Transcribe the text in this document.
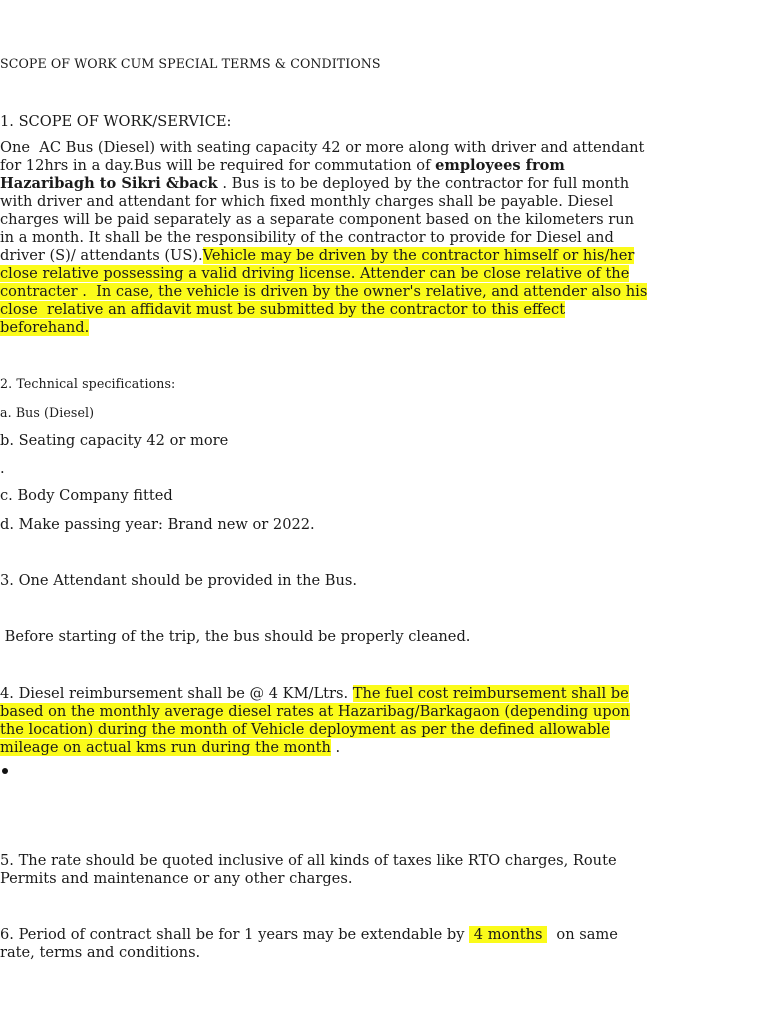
SCOPE OF WORK CUM SPECIAL TERMS & CONDITIONS
1. SCOPE OF WORK/SERVICE:
One  AC Bus (Diesel) with seating capacity 42 or more along with driver and attendant
for 12hrs in a day.Bus will be required for commutation of employees from
Hazaribagh to Sikri &back . Bus is to be deployed by the contractor for full month
with driver and attendant for which fixed monthly charges shall be payable. Diesel
charges will be paid separately as a separate component based on the kilometers run
in a month. It shall be the responsibility of the contractor to provide for Diesel and
driver (S)/ attendants (US).Vehicle may be driven by the contractor himself or his/her
close relative possessing a valid driving license. Attender can be close relative of the
contracter .  In case, the vehicle is driven by the owner's relative, and attender also his
close  relative an affidavit must be submitted by the contractor to this effect
beforehand.
2. Technical specifications:
a. Bus (Diesel)
b. Seating capacity 42 or more
.
c. Body Company fitted
d. Make passing year: Brand new or 2022.
3. One Attendant should be provided in the Bus.
Before starting of the trip, the bus should be properly cleaned.
4. Diesel reimbursement shall be @ 4 KM/Ltrs. The fuel cost reimbursement shall be
based on the monthly average diesel rates at Hazaribag/Barkagaon (depending upon
the location) during the month of Vehicle deployment as per the defined allowable
mileage on actual kms run during the month .
5. The rate should be quoted inclusive of all kinds of taxes like RTO charges, Route
Permits and maintenance or any other charges.
6. Period of contract shall be for 1 years may be extendable by  4 months   on same
rate, terms and conditions.
